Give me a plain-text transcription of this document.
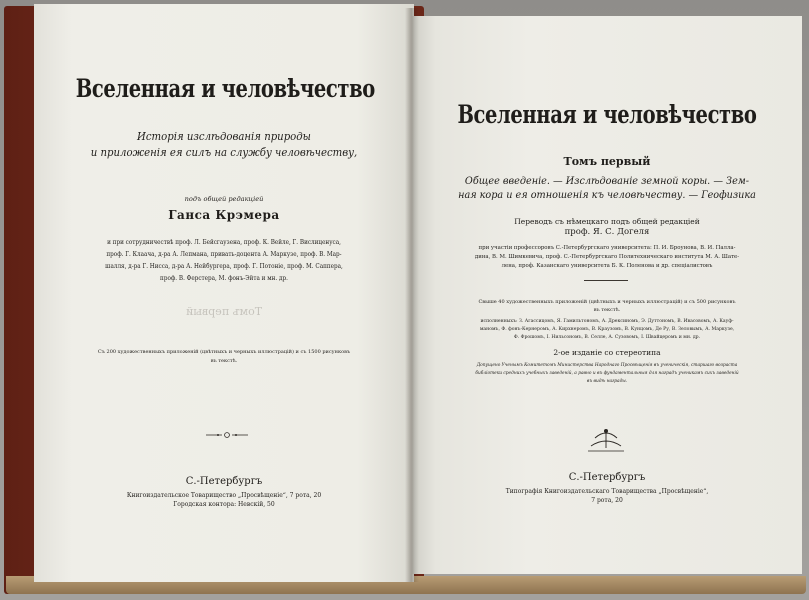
Вселенная и человѣчество
Исторія изслѣдованія природы
и приложенія ея силъ на службу человѣчеству,
подъ общей редакціей
Ганса Крэмера
и при сотрудничествѣ проф. Л. Бейсгаузена, проф. К. Вейле, Г. Вислиценуса,
проф. Г. Клаача, д-ра А. Лепмана, привать-доцента А. Маркузе, проф. В. Мар-
шалля, д-ра Г. Нисса, д-ра А. Нейбургера, проф. Г. Потоніе, проф. М. Саппера,
проф. В. Ферстера, М. фонъ-Эйта и мн. др.
Томъ первый
Съ 200 художественныхъ приложеній (цвѣтныхъ и черныхъ иллюстрацій) и съ 1500 рисунковъ
въ текстѣ.
С.-Петербургъ
Книгоиздательское Товарищество „Просвѣщеніе“, 7 рота, 20
Городская контора: Невскій, 50
Вселенная и человѣчество
Томъ первый
Общее введеніе. — Изслѣдованіе земной коры. — Зем-
ная кора и ея отношенія къ человѣчеству. — Геофизика
Переводъ съ нѣмецкаго подъ общей редакціей
проф. Я. С. Догеля
при участіи профессоровъ С.-Петербургскаго университета: П. И. Броунова, В. И. Палла-
дина, В. М. Шимкевича, проф. С.-Петербургскаго Политехническаго института М. А. Шате-
лена, проф. Казанскаго университета Б. К. Поленова и др. спеціалистовъ
Свыше 40 художественныхъ приложеній (цвѣтныхъ и черныхъ иллюстрацій) и съ 500 рисунковъ
въ текстѣ.
исполненныхъ: З. Агассицомъ, Я. Гамильтономъ, А. Дрексиномъ, Э. Дуттономъ, В. Ивасовомъ, А. Кауф-
маномъ, Ф. фонъ-Кернеромъ, А. Кирхнеромъ, В. Краузомъ, В. Кунцомъ, Де Ру, В. Зеловымъ, А. Маркузе,
Ф. Фрошомъ, І. Нильсономъ, В. Селле, А. Сузовомъ, І. Швайцеромъ и мн. др.
2-ое изданіе со стереотипа
Допущено Ученымъ Комитетомъ Министерства Народнаго Просвѣщенія въ ученическія, старшаго возраста
библіотеки среднихъ учебныхъ заведеній, а равно и въ фундаментальныя для наградъ ученикамъ сихъ заведеній
въ видѣ награды.
С.-Петербургъ
Типографія Книгоиздательскаго Товарищества „Просвѣщеніе“,
7 рота, 20
